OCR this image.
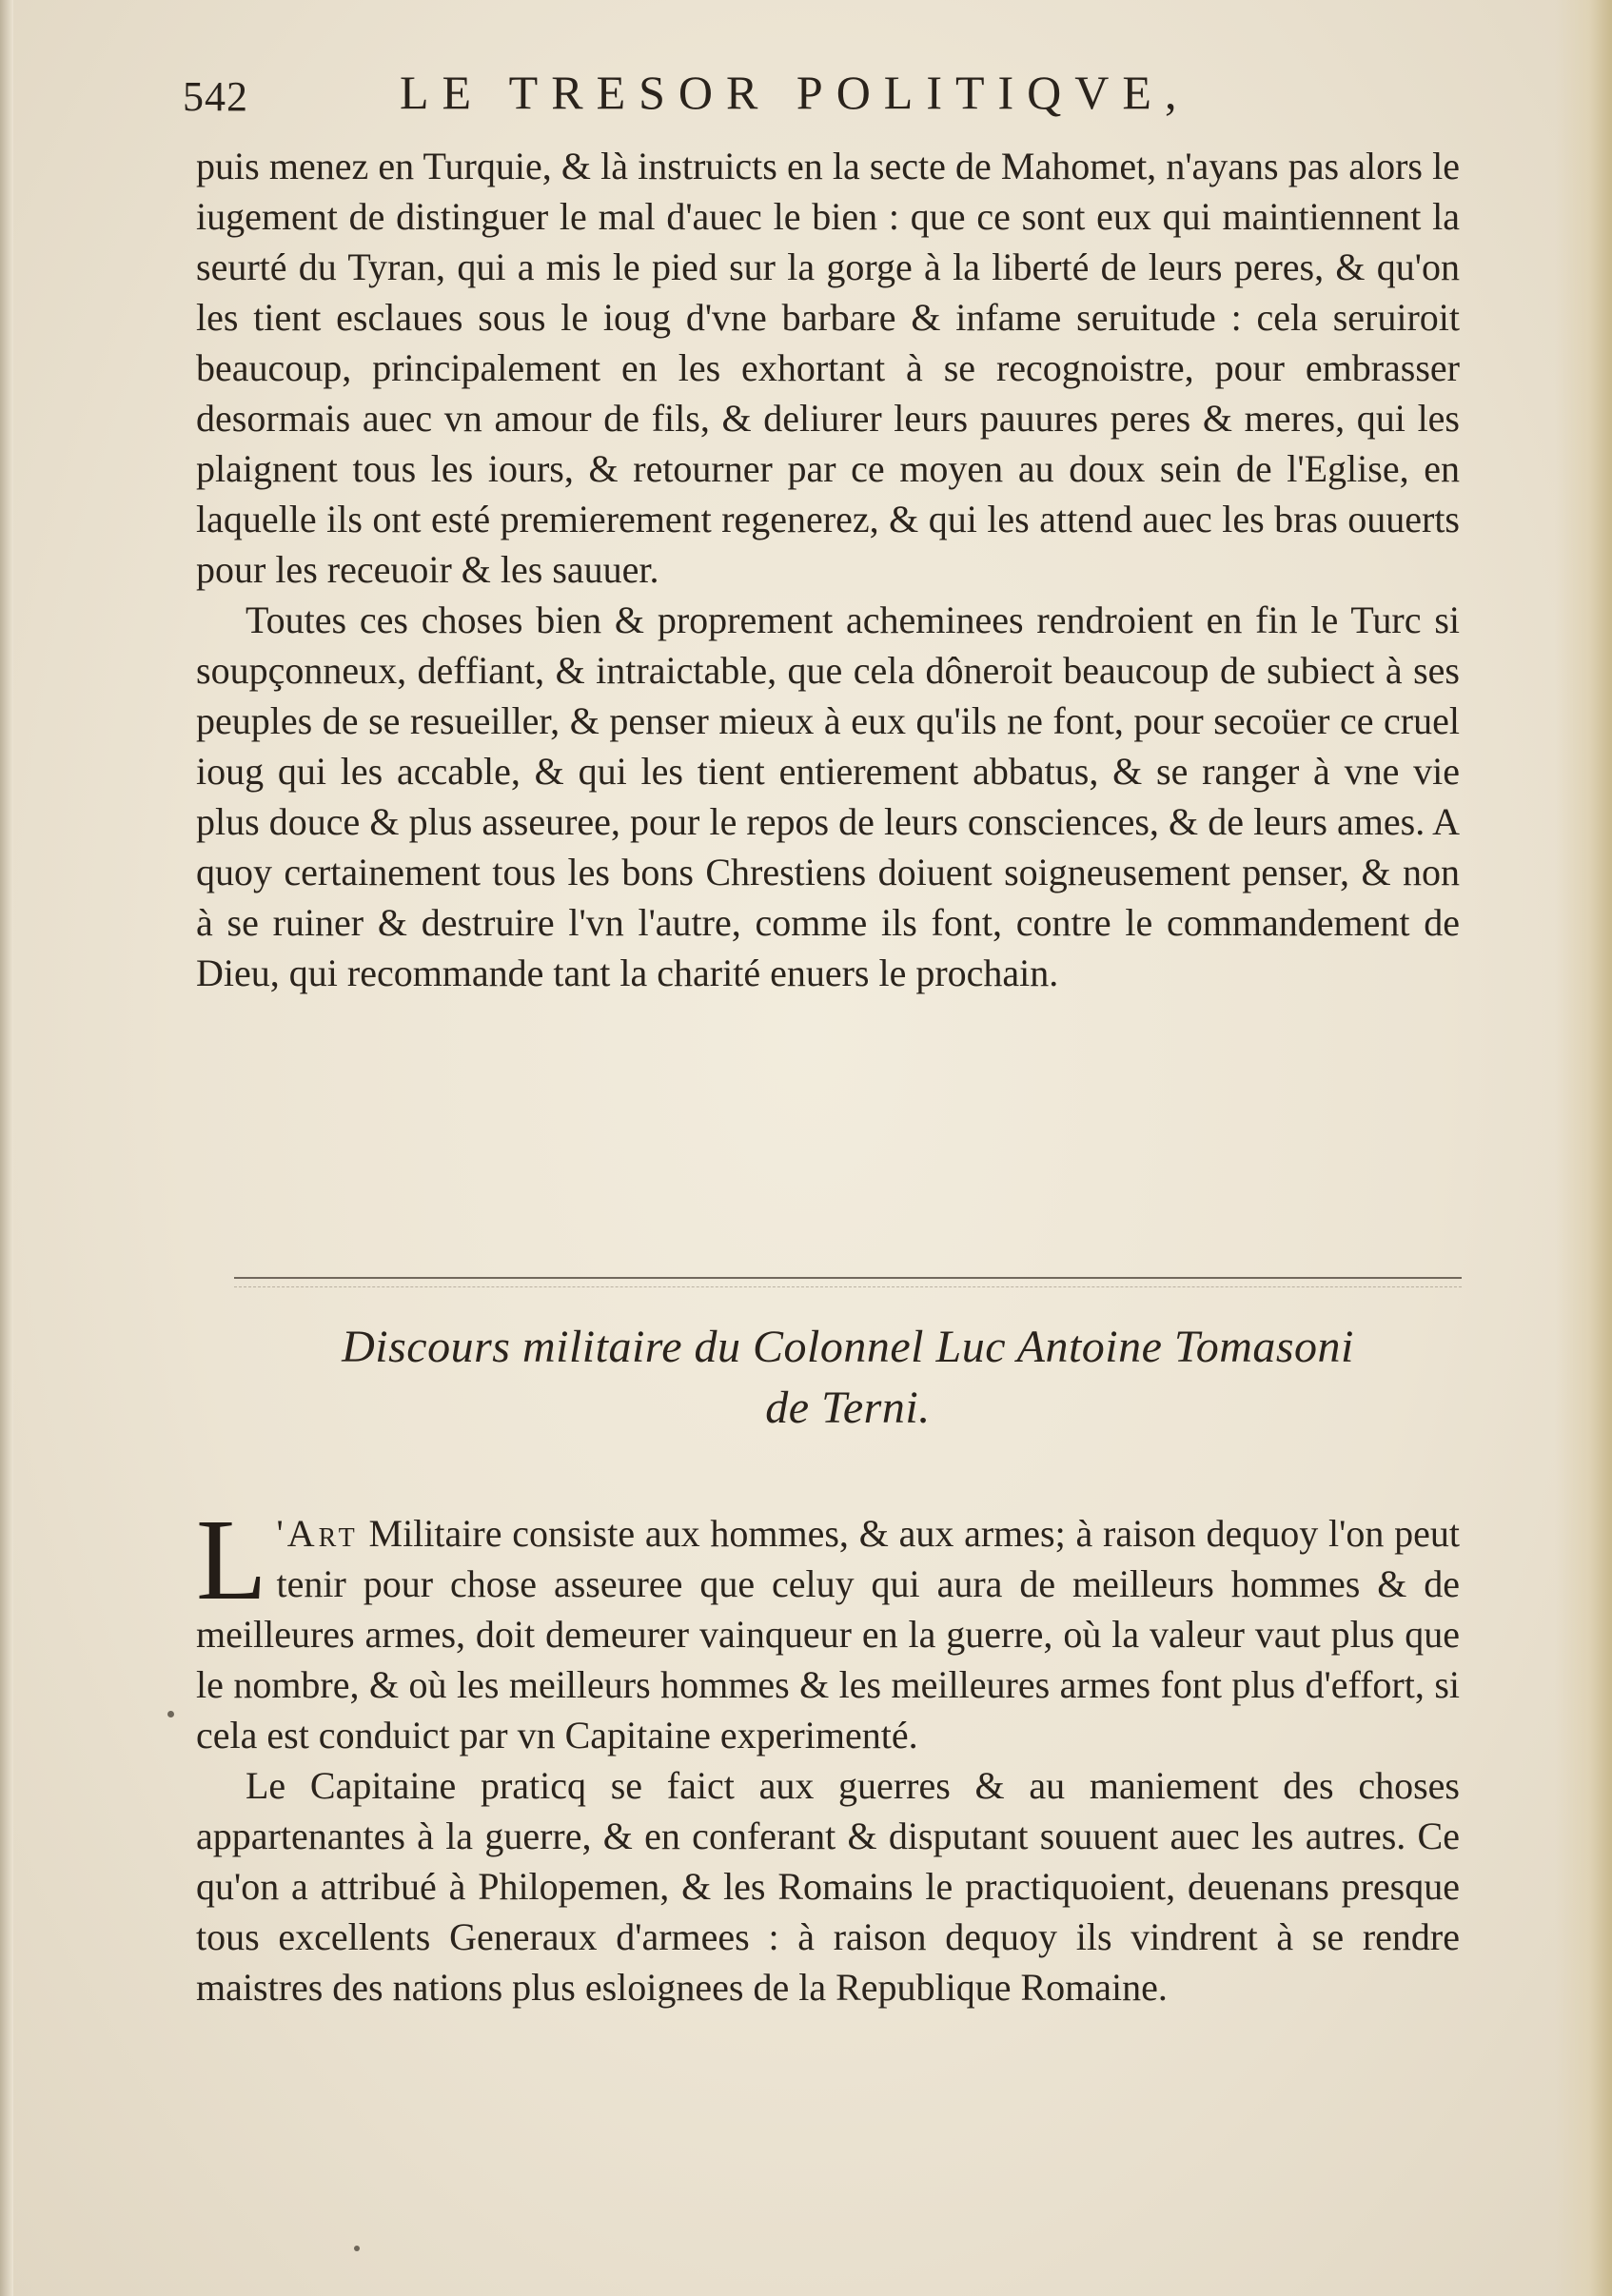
542	LE TRESOR POLITIQVE,

puis menez en Turquie, & là instruicts en la secte de Mahomet, n'ayans pas alors le iugement de distinguer le mal d'auec le bien : que ce sont eux qui maintiennent la seurté du Tyran, qui a mis le pied sur la gorge à la liberté de leurs peres, & qu'on les tient esclaues sous le ioug d'vne barbare & infame seruitude : cela seruiroit beaucoup, principalement en les exhortant à se recognoistre, pour embrasser desormais auec vn amour de fils, & deliurer leurs pauures peres & meres, qui les plaignent tous les iours, & retourner par ce moyen au doux sein de l'Eglise, en laquelle ils ont esté premierement regenerez, & qui les attend auec les bras ouuerts pour les receuoir & les sauuer.

Toutes ces choses bien & proprement acheminees rendroient en fin le Turc si soupçonneux, deffiant, & intraictable, que cela dôneroit beaucoup de subiect à ses peuples de se resueiller, & penser mieux à eux qu'ils ne font, pour secoüer ce cruel ioug qui les accable, & qui les tient entierement abbatus, & se ranger à vne vie plus douce & plus asseuree, pour le repos de leurs consciences, & de leurs ames. A quoy certainement tous les bons Chrestiens doiuent soigneusement penser, & non à se ruiner & destruire l'vn l'autre, comme ils font, contre le commandement de Dieu, qui recommande tant la charité enuers le prochain.

Discours militaire du Colonnel Luc Antoine Tomasoni
de Terni.

L 'Art Militaire consiste aux hommes, & aux armes; à raison dequoy l'on peut tenir pour chose asseuree que celuy qui aura de meilleurs hommes & de meilleures armes, doit demeurer vainqueur en la guerre, où la valeur vaut plus que le nombre, & où les meilleurs hommes & les meilleures armes font plus d'effort, si cela est conduict par vn Capitaine experimenté.

Le Capitaine praticq se faict aux guerres & au maniement des choses appartenantes à la guerre, & en conferant & disputant souuent auec les autres. Ce qu'on a attribué à Philopemen, & les Romains le practiquoient, deuenans presque tous excellents Generaux d'armees : à raison dequoy ils vindrent à se rendre maistres des nations plus esloignees de la Republique Romaine.
